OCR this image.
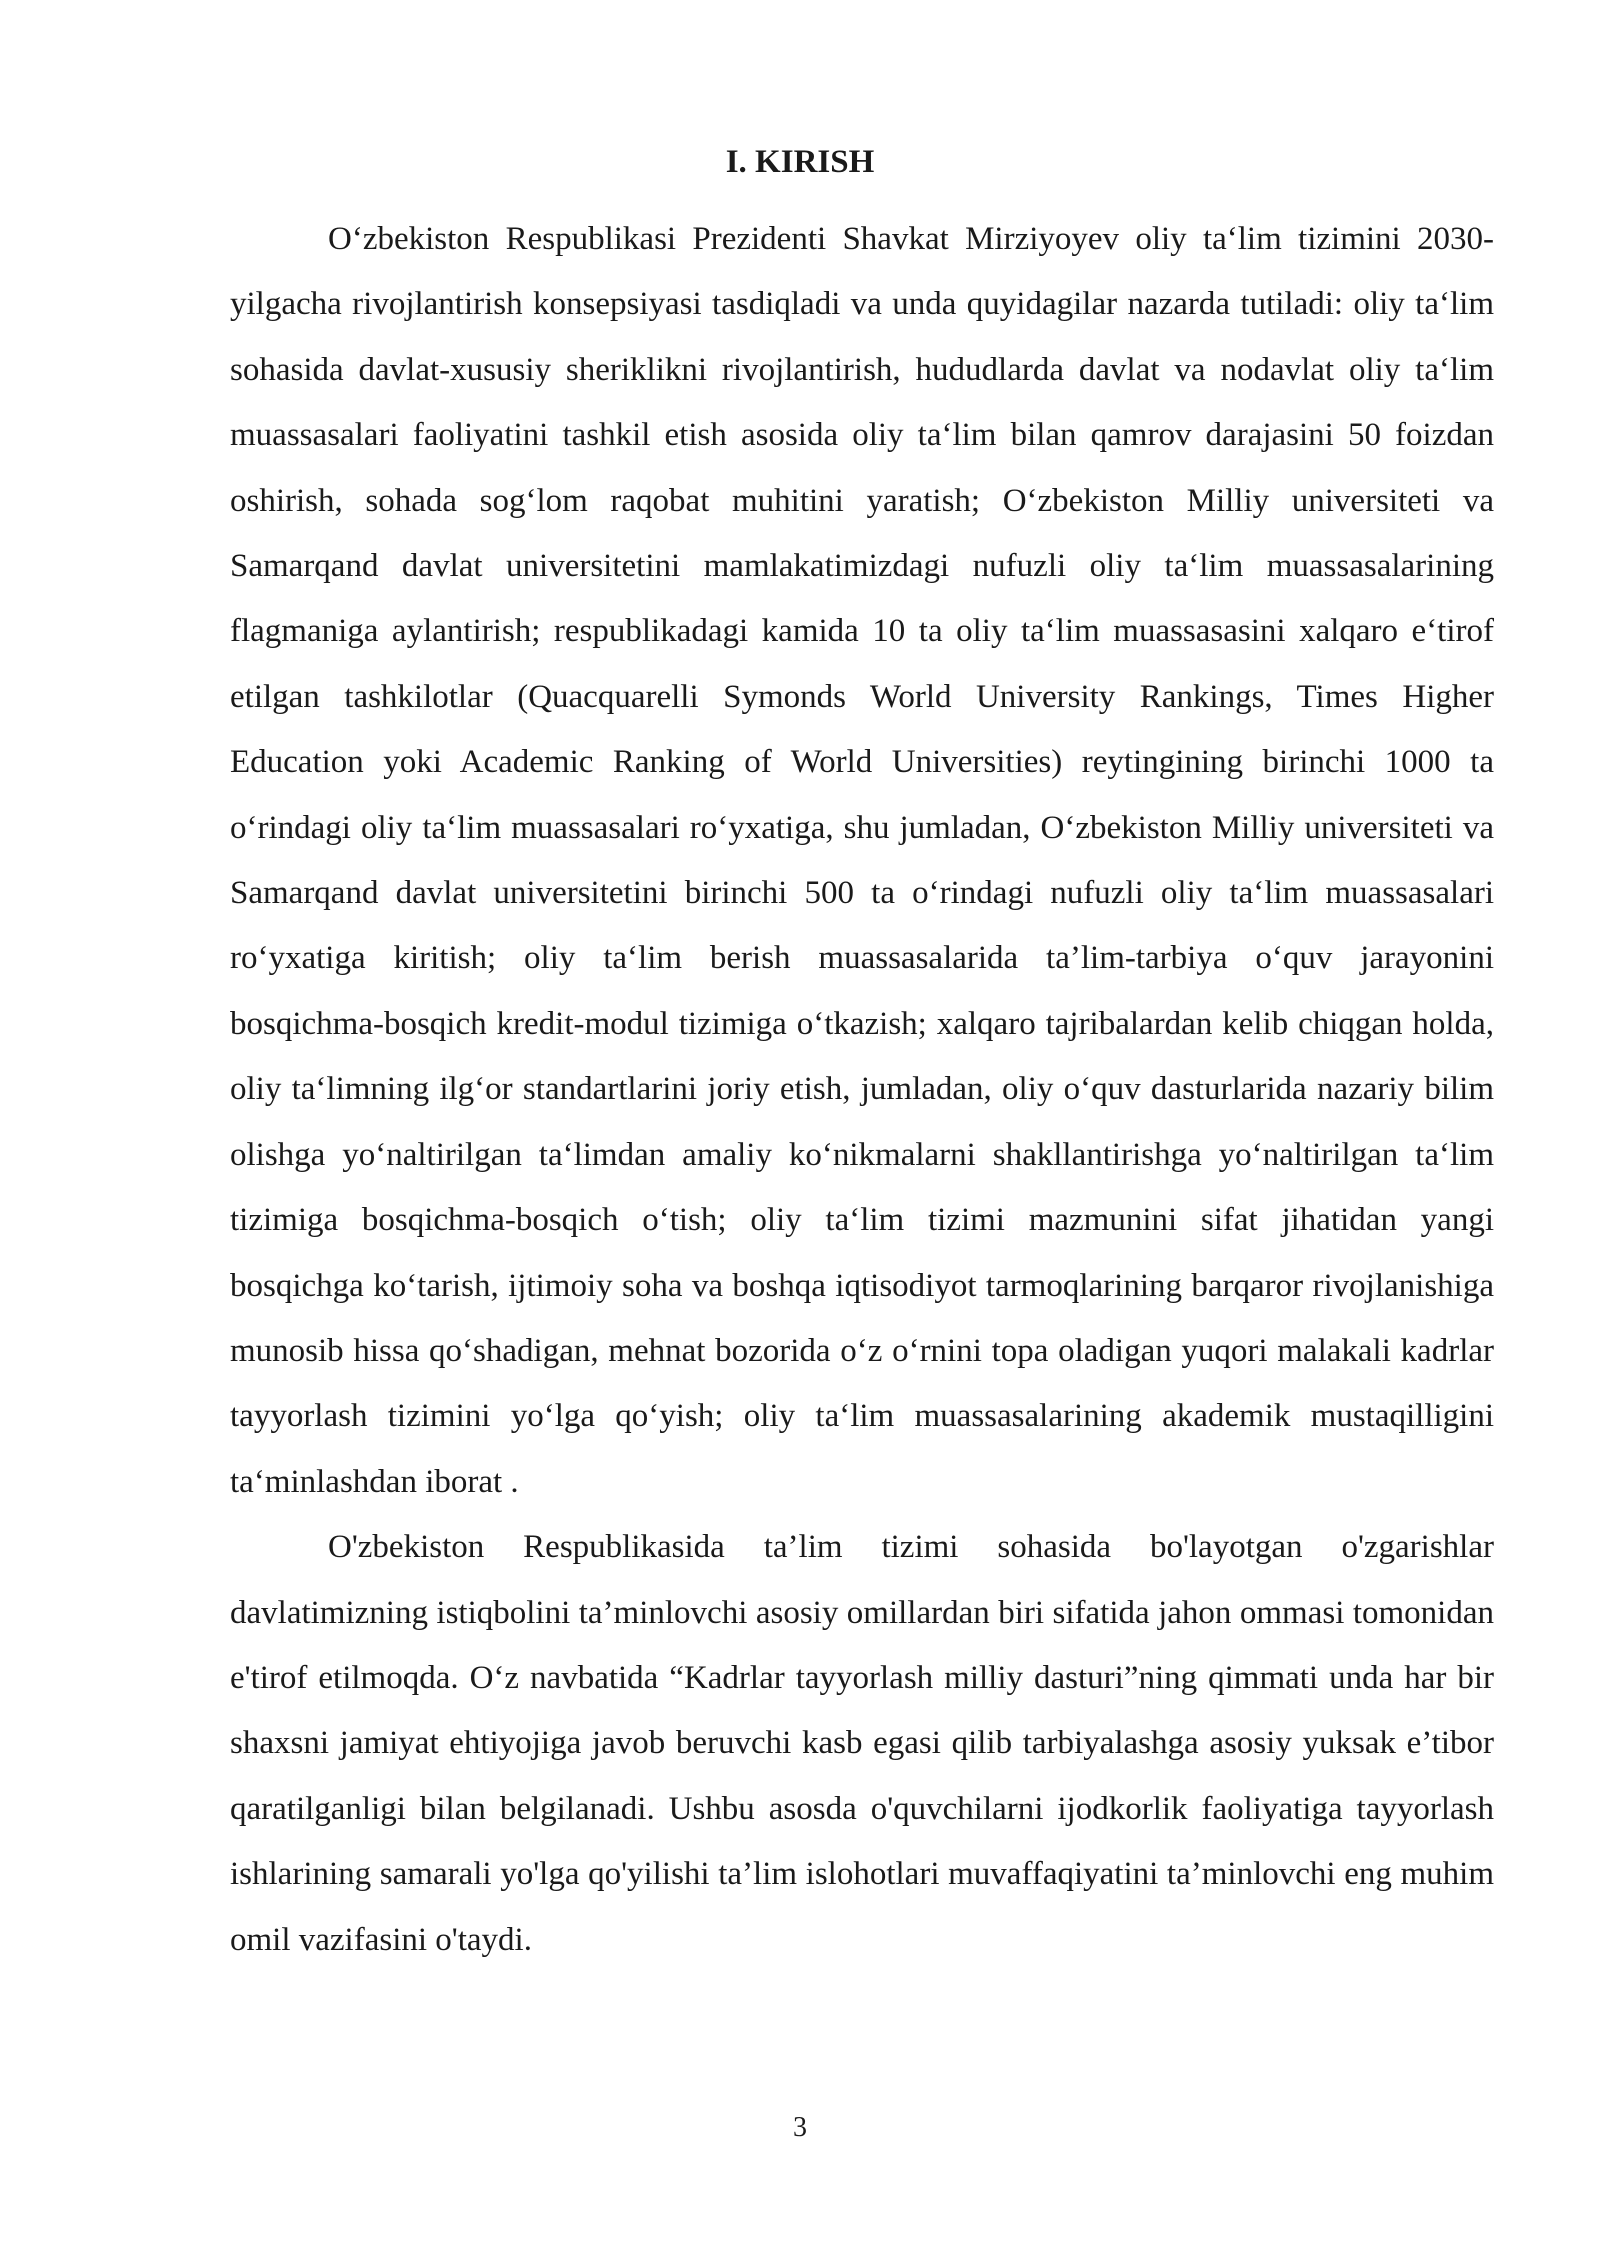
I. KIRISH

O‘zbekiston Respublikasi Prezidenti Shavkat Mirziyoyev oliy ta‘lim tizimini 2030-yilgacha rivojlantirish konsepsiyasi tasdiqladi va unda quyidagilar nazarda tutiladi: oliy ta‘lim sohasida davlat-xususiy sheriklikni rivojlantirish, hududlarda davlat va nodavlat oliy ta‘lim muassasalari faoliyatini tashkil etish asosida oliy ta‘lim bilan qamrov darajasini 50 foizdan oshirish, sohada sog‘lom raqobat muhitini yaratish; O‘zbekiston Milliy universiteti va Samarqand davlat universitetini mamlakatimizdagi nufuzli oliy ta‘lim muassasalarining flagmaniga aylantirish; respublikadagi kamida 10 ta oliy ta‘lim muassasasini xalqaro e‘tirof etilgan tashkilotlar (Quacquarelli Symonds World University Rankings, Times Higher Education yoki Academic Ranking of World Universities) reytingining birinchi 1000 ta o‘rindagi oliy ta‘lim muassasalari ro‘yxatiga, shu jumladan, O‘zbekiston Milliy universiteti va Samarqand davlat universitetini birinchi 500 ta o‘rindagi nufuzli oliy ta‘lim muassasalari ro‘yxatiga kiritish; oliy ta‘lim berish muassasalarida ta’lim-tarbiya o‘quv jarayonini bosqichma-bosqich kredit-modul tizimiga o‘tkazish; xalqaro tajribalardan kelib chiqgan holda, oliy ta‘limning ilg‘or standartlarini joriy etish, jumladan, oliy o‘quv dasturlarida nazariy bilim olishga yo‘naltirilgan ta‘limdan amaliy ko‘nikmalarni shakllantirishga yo‘naltirilgan ta‘lim tizimiga bosqichma-bosqich o‘tish; oliy ta‘lim tizimi mazmunini sifat jihatidan yangi bosqichga ko‘tarish, ijtimoiy soha va boshqa iqtisodiyot tarmoqlarining barqaror rivojlanishiga munosib hissa qo‘shadigan, mehnat bozorida o‘z o‘rnini topa oladigan yuqori malakali kadrlar tayyorlash tizimini yo‘lga qo‘yish; oliy ta‘lim muassasalarining akademik mustaqilligini ta‘minlashdan iborat .

O'zbekiston Respublikasida ta’lim tizimi sohasida bo'layotgan o'zgarishlar davlatimizning istiqbolini ta’minlovchi asosiy omillardan biri sifatida jahon ommasi tomonidan e'tirof etilmoqda. O‘z navbatida “Kadrlar tayyorlash milliy dasturi”ning qimmati unda har bir shaxsni jamiyat ehtiyojiga javob beruvchi kasb egasi qilib tarbiyalashga asosiy yuksak e’tibor qaratilganligi bilan belgilanadi. Ushbu asosda o'quvchilarni ijodkorlik faoliyatiga tayyorlash ishlarining samarali yo'lga qo'yilishi ta’lim islohotlari muvaffaqiyatini ta’minlovchi eng muhim omil vazifasini o'taydi.

3
